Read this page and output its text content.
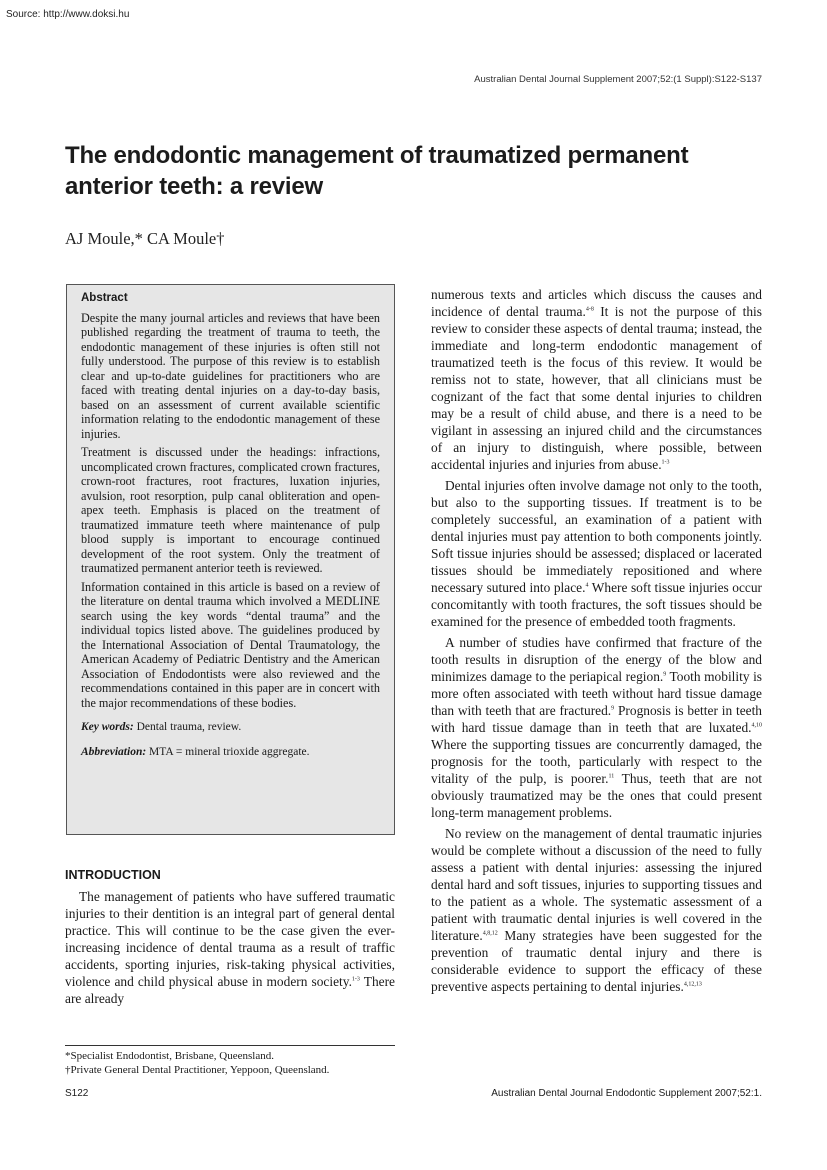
Source: http://www.doksi.hu
Australian Dental Journal Supplement 2007;52:(1 Suppl):S122-S137
The endodontic management of traumatized permanent anterior teeth: a review
AJ Moule,* CA Moule†
Abstract

Despite the many journal articles and reviews that have been published regarding the treatment of trauma to teeth, the endodontic management of these injuries is often still not fully understood. The purpose of this review is to establish clear and up-to-date guidelines for practitioners who are faced with treating dental injuries on a day-to-day basis, based on an assessment of current available scientific information relating to the endodontic management of these injuries.

Treatment is discussed under the headings: infractions, uncomplicated crown fractures, complicated crown fractures, crown-root fractures, root fractures, luxation injuries, avulsion, root resorption, pulp canal obliteration and open-apex teeth. Emphasis is placed on the treatment of traumatized immature teeth where maintenance of pulp blood supply is important to encourage continued development of the root system. Only the treatment of traumatized permanent anterior teeth is reviewed.

Information contained in this article is based on a review of the literature on dental trauma which involved a MEDLINE search using the key words “dental trauma” and the individual topics listed above. The guidelines produced by the International Association of Dental Traumatology, the American Academy of Pediatric Dentistry and the American Association of Endodontists were also reviewed and the recommendations contained in this paper are in concert with the major recommendations of these bodies.

Key words: Dental trauma, review.

Abbreviation: MTA = mineral trioxide aggregate.

INTRODUCTION

The management of patients who have suffered traumatic injuries to their dentition is an integral part of general dental practice. This will continue to be the case given the ever-increasing incidence of dental trauma as a result of traffic accidents, sporting injuries, risk-taking physical activities, violence and child physical abuse in modern society.$^{1-3}$ There are already

*Specialist Endodontist, Brisbane, Queensland.
†Private General Dental Practitioner, Yeppoon, Queensland.

numerous texts and articles which discuss the causes and incidence of dental trauma.$^{4-8}$ It is not the purpose of this review to consider these aspects of dental trauma; instead, the immediate and long-term endodontic management of traumatized teeth is the focus of this review. It would be remiss not to state, however, that all clinicians must be cognizant of the fact that some dental injuries to children may be a result of child abuse, and there is a need to be vigilant in assessing an injured child and the circumstances of an injury to distinguish, where possible, between accidental injuries and injuries from abuse.$^{1-3}$

Dental injuries often involve damage not only to the tooth, but also to the supporting tissues. If treatment is to be completely successful, an examination of a patient with dental injuries must pay attention to both components jointly. Soft tissue injuries should be assessed; displaced or lacerated tissues should be immediately repositioned and where necessary sutured into place.$^4$ Where soft tissue injuries occur concomitantly with tooth fractures, the soft tissues should be examined for the presence of embedded tooth fragments.

A number of studies have confirmed that fracture of the tooth results in disruption of the energy of the blow and minimizes damage to the periapical region.$^9$ Tooth mobility is more often associated with teeth without hard tissue damage than with teeth that are fractured.$^9$ Prognosis is better in teeth with hard tissue damage than in teeth that are luxated.$^{4,10}$ Where the supporting tissues are concurrently damaged, the prognosis for the tooth, particularly with respect to the vitality of the pulp, is poorer.$^{11}$ Thus, teeth that are not obviously traumatized may be the ones that could present long-term management problems.

No review on the management of dental traumatic injuries would be complete without a discussion of the need to fully assess a patient with dental injuries: assessing the injured dental hard and soft tissues, injuries to supporting tissues and to the patient as a whole. The systematic assessment of a patient with traumatic dental injuries is well covered in the literature.$^{4,8,12}$ Many strategies have been suggested for the prevention of traumatic dental injury and there is considerable evidence to support the efficacy of these preventive aspects pertaining to dental injuries.$^{4,12,13}$

S122	Australian Dental Journal Endodontic Supplement 2007;52:1.
